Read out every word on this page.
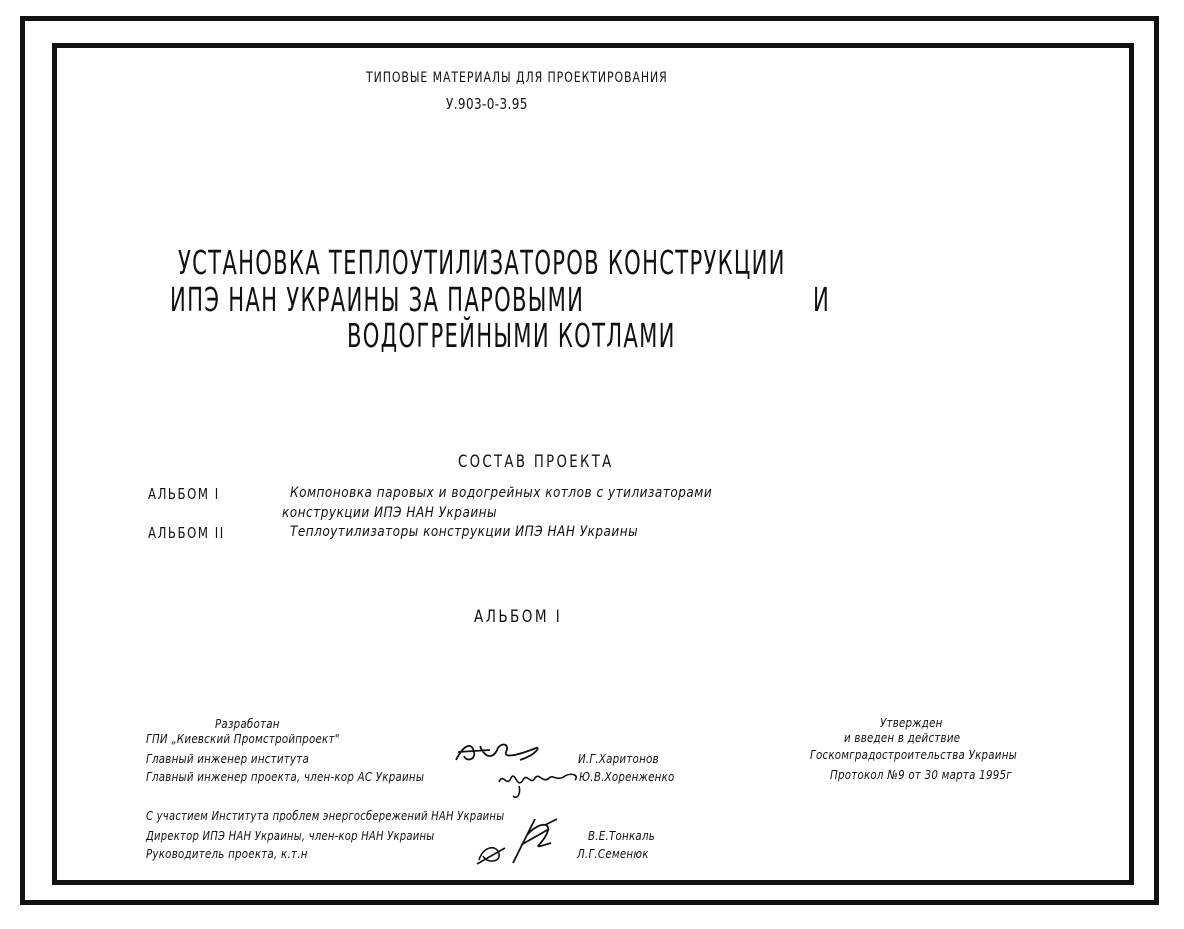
ТИПОВЫЕ МАТЕРИАЛЫ ДЛЯ ПРОЕКТИРОВАНИЯ
У.903-0-3.95
УСТАНОВКА ТЕПЛОУТИЛИЗАТОРОВ КОНСТРУКЦИИ
ИПЭ НАН УКРАИНЫ ЗА ПАРОВЫМИ	И
ВОДОГРЕЙНЫМИ КОТЛАМИ
СОСТАВ ПРОЕКТА
АЛЬБОМ I	Компоновка паровых и водогрейных котлов с утилизаторами
конструкции ИПЭ НАН Украины
АЛЬБОМ II	Теплоутилизаторы конструкции ИПЭ НАН Украины
АЛЬБОМ I
Разработан
ГПИ „Киевский Промстройпроект"
Главный инженер института
Главный инженер проекта, член-кор АС Украины
И.Г.Харитонов
Ю.В.Хоренженко
Утвержден
и введен в действие
Госкомградостроительства Украины
Протокол №9 от 30 марта 1995г
С участием Института проблем энергосбережений НАН Украины
Директор ИПЭ НАН Украины, член-кор НАН Украины
Руководитель проекта, к.т.н
В.Е.Тонкаль
Л.Г.Семенюк
